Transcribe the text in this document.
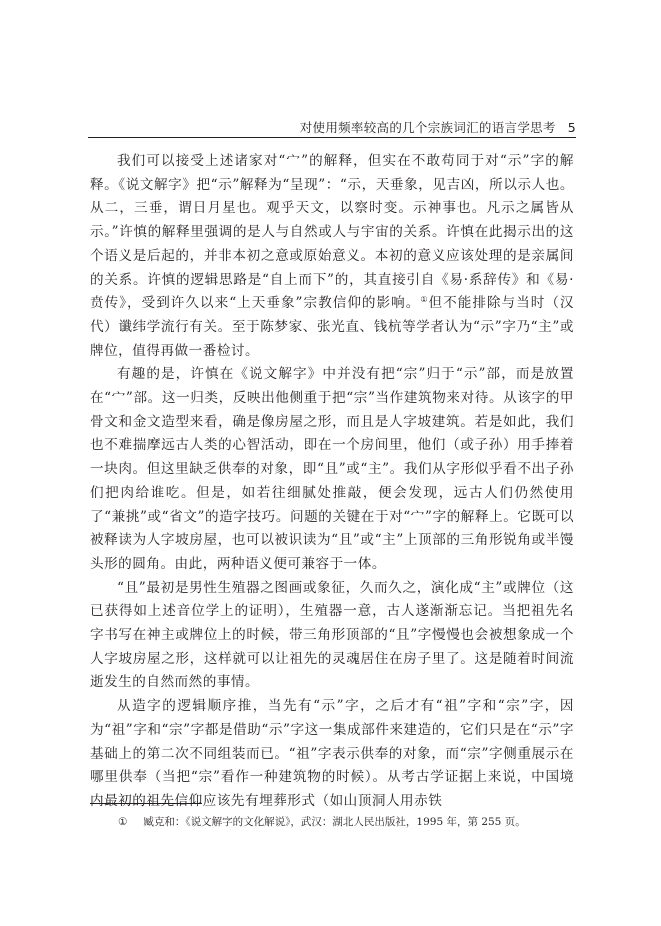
对使用频率较高的几个宗族词汇的语言学思考 5

我们可以接受上述诸家对“宀”的解释，但实在不敢苟同于对“示”字的解释。《说文解字》把“示”解释为“呈现”：“示，天垂象，见吉凶，所以示人也。从二，三垂，谓日月星也。观乎天文，以察时变。示神事也。凡示之属皆从示。”许慎的解释里强调的是人与自然或人与宇宙的关系。许慎在此揭示出的这个语义是后起的，并非本初之意或原始意义。本初的意义应该处理的是亲属间的关系。许慎的逻辑思路是“自上而下”的，其直接引自《易·系辞传》和《易·贲传》，受到许久以来“上天垂象”宗教信仰的影响。①但不能排除与当时（汉代）谶纬学流行有关。至于陈梦家、张光直、钱杭等学者认为“示”字乃“主”或牌位，值得再做一番检讨。

有趣的是，许慎在《说文解字》中并没有把“宗”归于“示”部，而是放置在“宀”部。这一归类，反映出他侧重于把“宗”当作建筑物来对待。从该字的甲骨文和金文造型来看，确是像房屋之形，而且是人字坡建筑。若是如此，我们也不难揣摩远古人类的心智活动，即在一个房间里，他们（或子孙）用手捧着一块肉。但这里缺乏供奉的对象，即“且”或“主”。我们从字形似乎看不出子孙们把肉给谁吃。但是，如若往细腻处推敲，便会发现，远古人们仍然使用了“兼挑”或“省文”的造字技巧。问题的关键在于对“宀”字的解释上。它既可以被释读为人字坡房屋，也可以被识读为“且”或“主”上顶部的三角形锐角或半馒头形的圆角。由此，两种语义便可兼容于一体。

“且”最初是男性生殖器之图画或象征，久而久之，演化成“主”或牌位（这已获得如上述音位学上的证明），生殖器一意，古人遂渐渐忘记。当把祖先名字书写在神主或牌位上的时候，带三角形顶部的“且”字慢慢也会被想象成一个人字坡房屋之形，这样就可以让祖先的灵魂居住在房子里了。这是随着时间流逝发生的自然而然的事情。

从造字的逻辑顺序推，当先有“示”字，之后才有“祖”字和“宗”字，因为“祖”字和“宗”字都是借助“示”字这一集成部件来建造的，它们只是在“示”字基础上的第二次不同组装而已。“祖”字表示供奉的对象，而“宗”字侧重展示在哪里供奉（当把“宗”看作一种建筑物的时候）。从考古学证据上来说，中国境内最初的祖先信仰应该先有埋葬形式（如山顶洞人用赤铁

① 臧克和：《说文解字的文化解说》，武汉：湖北人民出版社，1995 年，第 255 页。
